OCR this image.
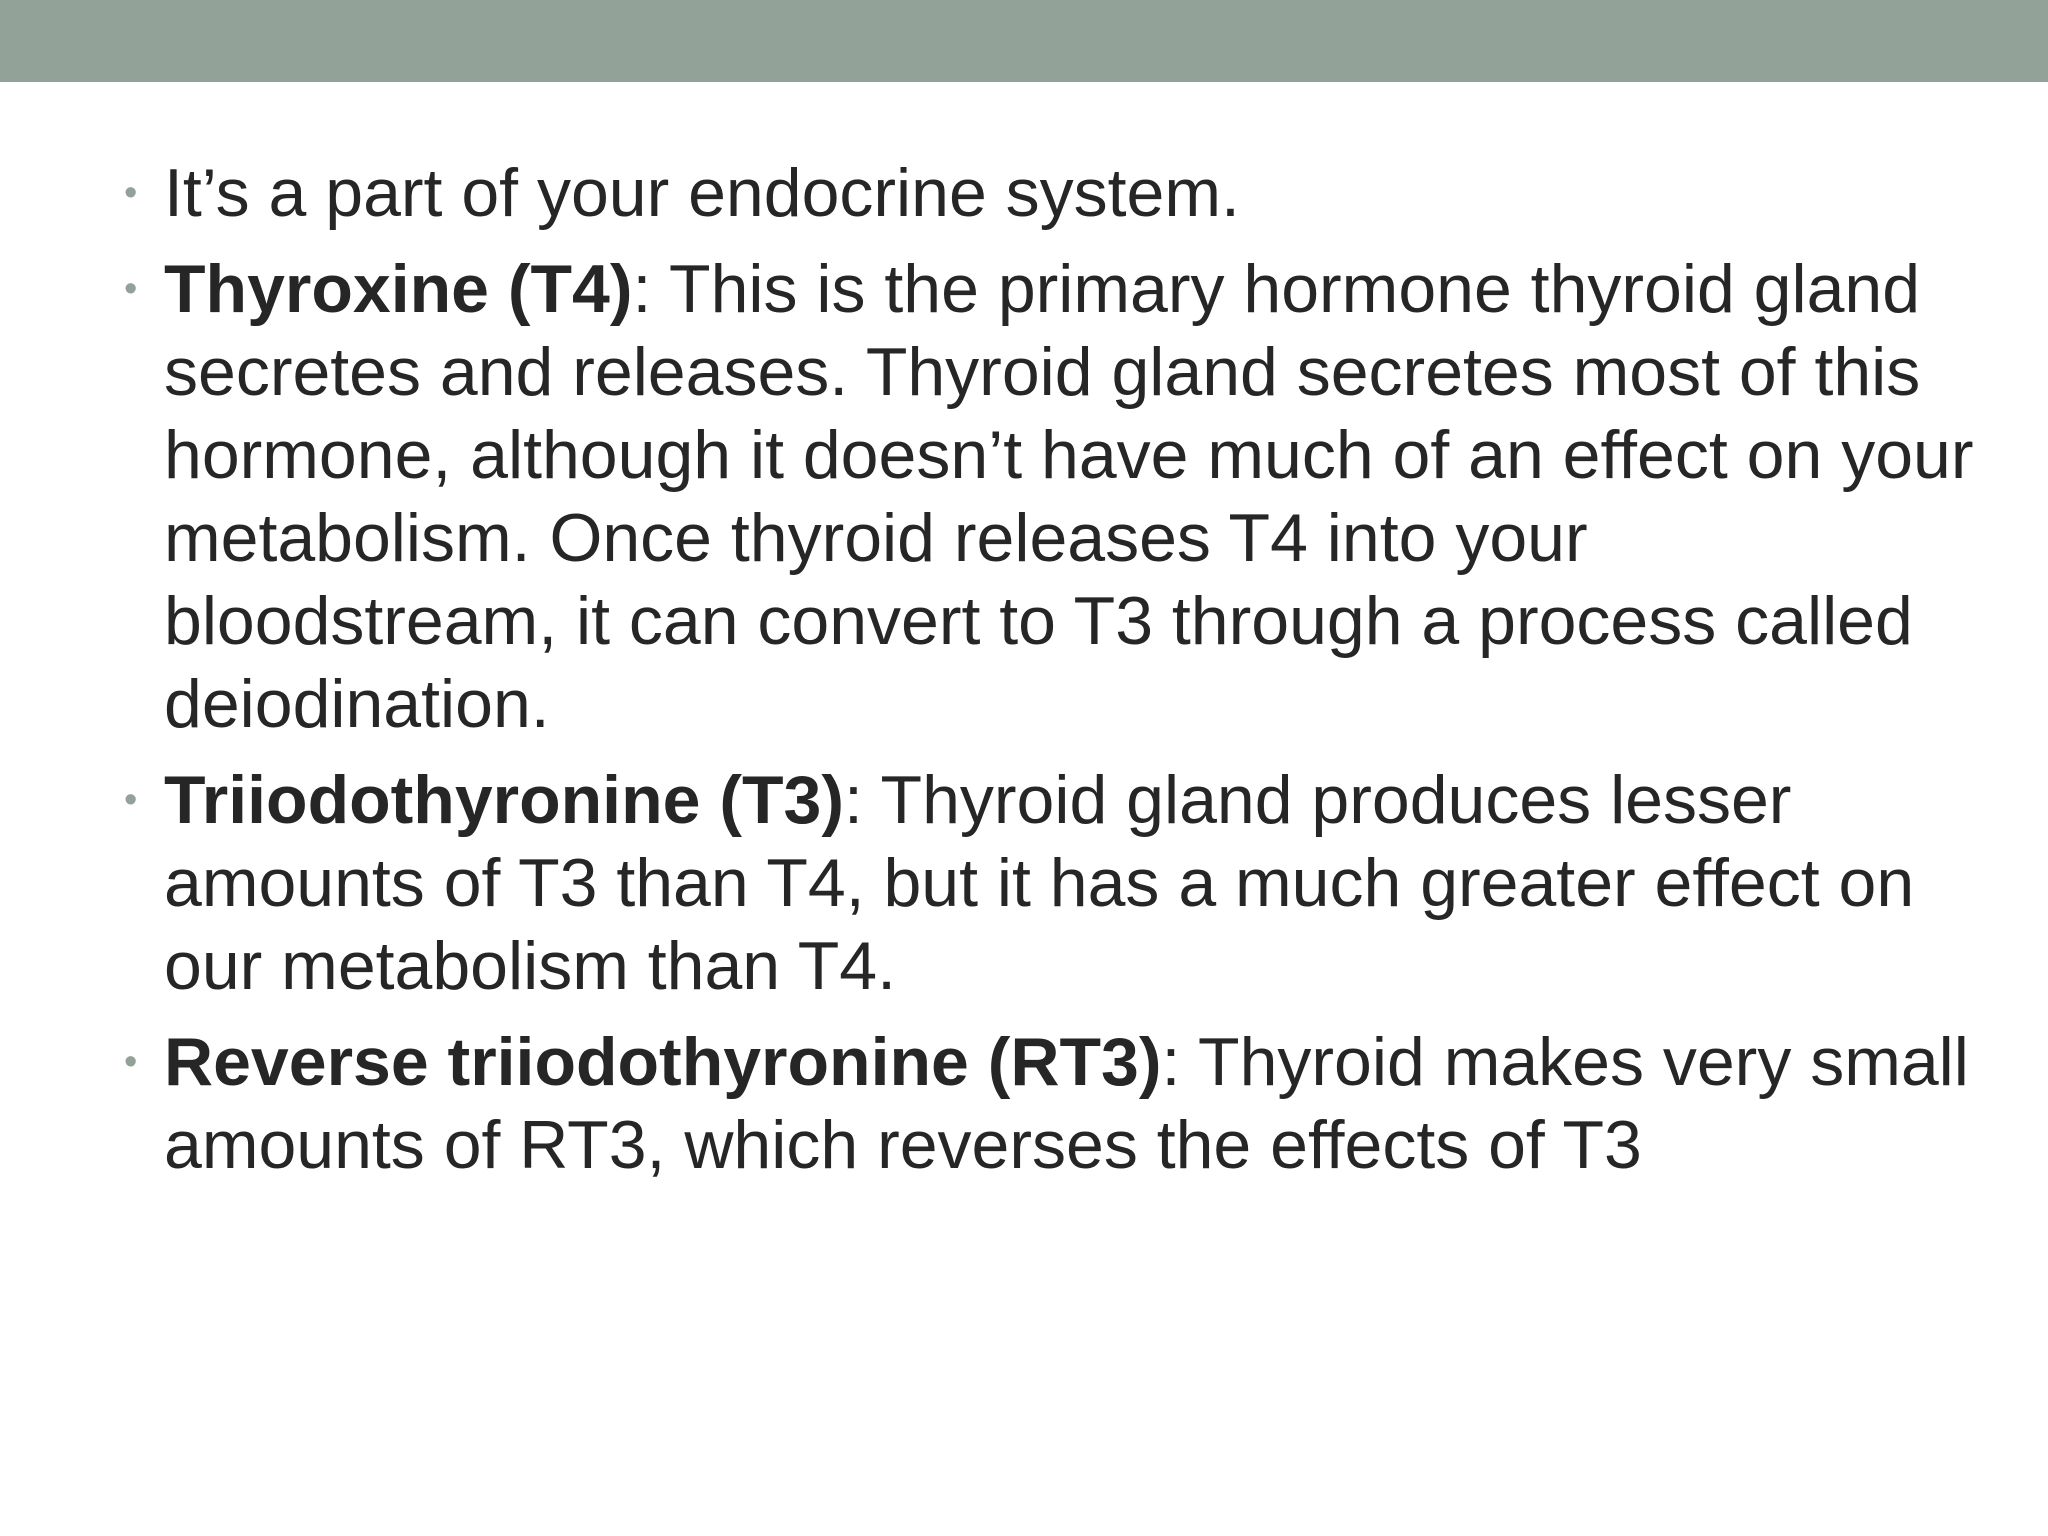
• It’s a part of your endocrine system.
• Thyroxine (T4): This is the primary hormone thyroid gland secretes and releases. Thyroid gland secretes most of this hormone, although it doesn’t have much of an effect on your metabolism. Once thyroid releases T4 into your bloodstream, it can convert to T3 through a process called deiodination.
• Triiodothyronine (T3): Thyroid gland produces lesser amounts of T3 than T4, but it has a much greater effect on our metabolism than T4.
• Reverse triiodothyronine (RT3): Thyroid makes very small amounts of RT3, which reverses the effects of T3
